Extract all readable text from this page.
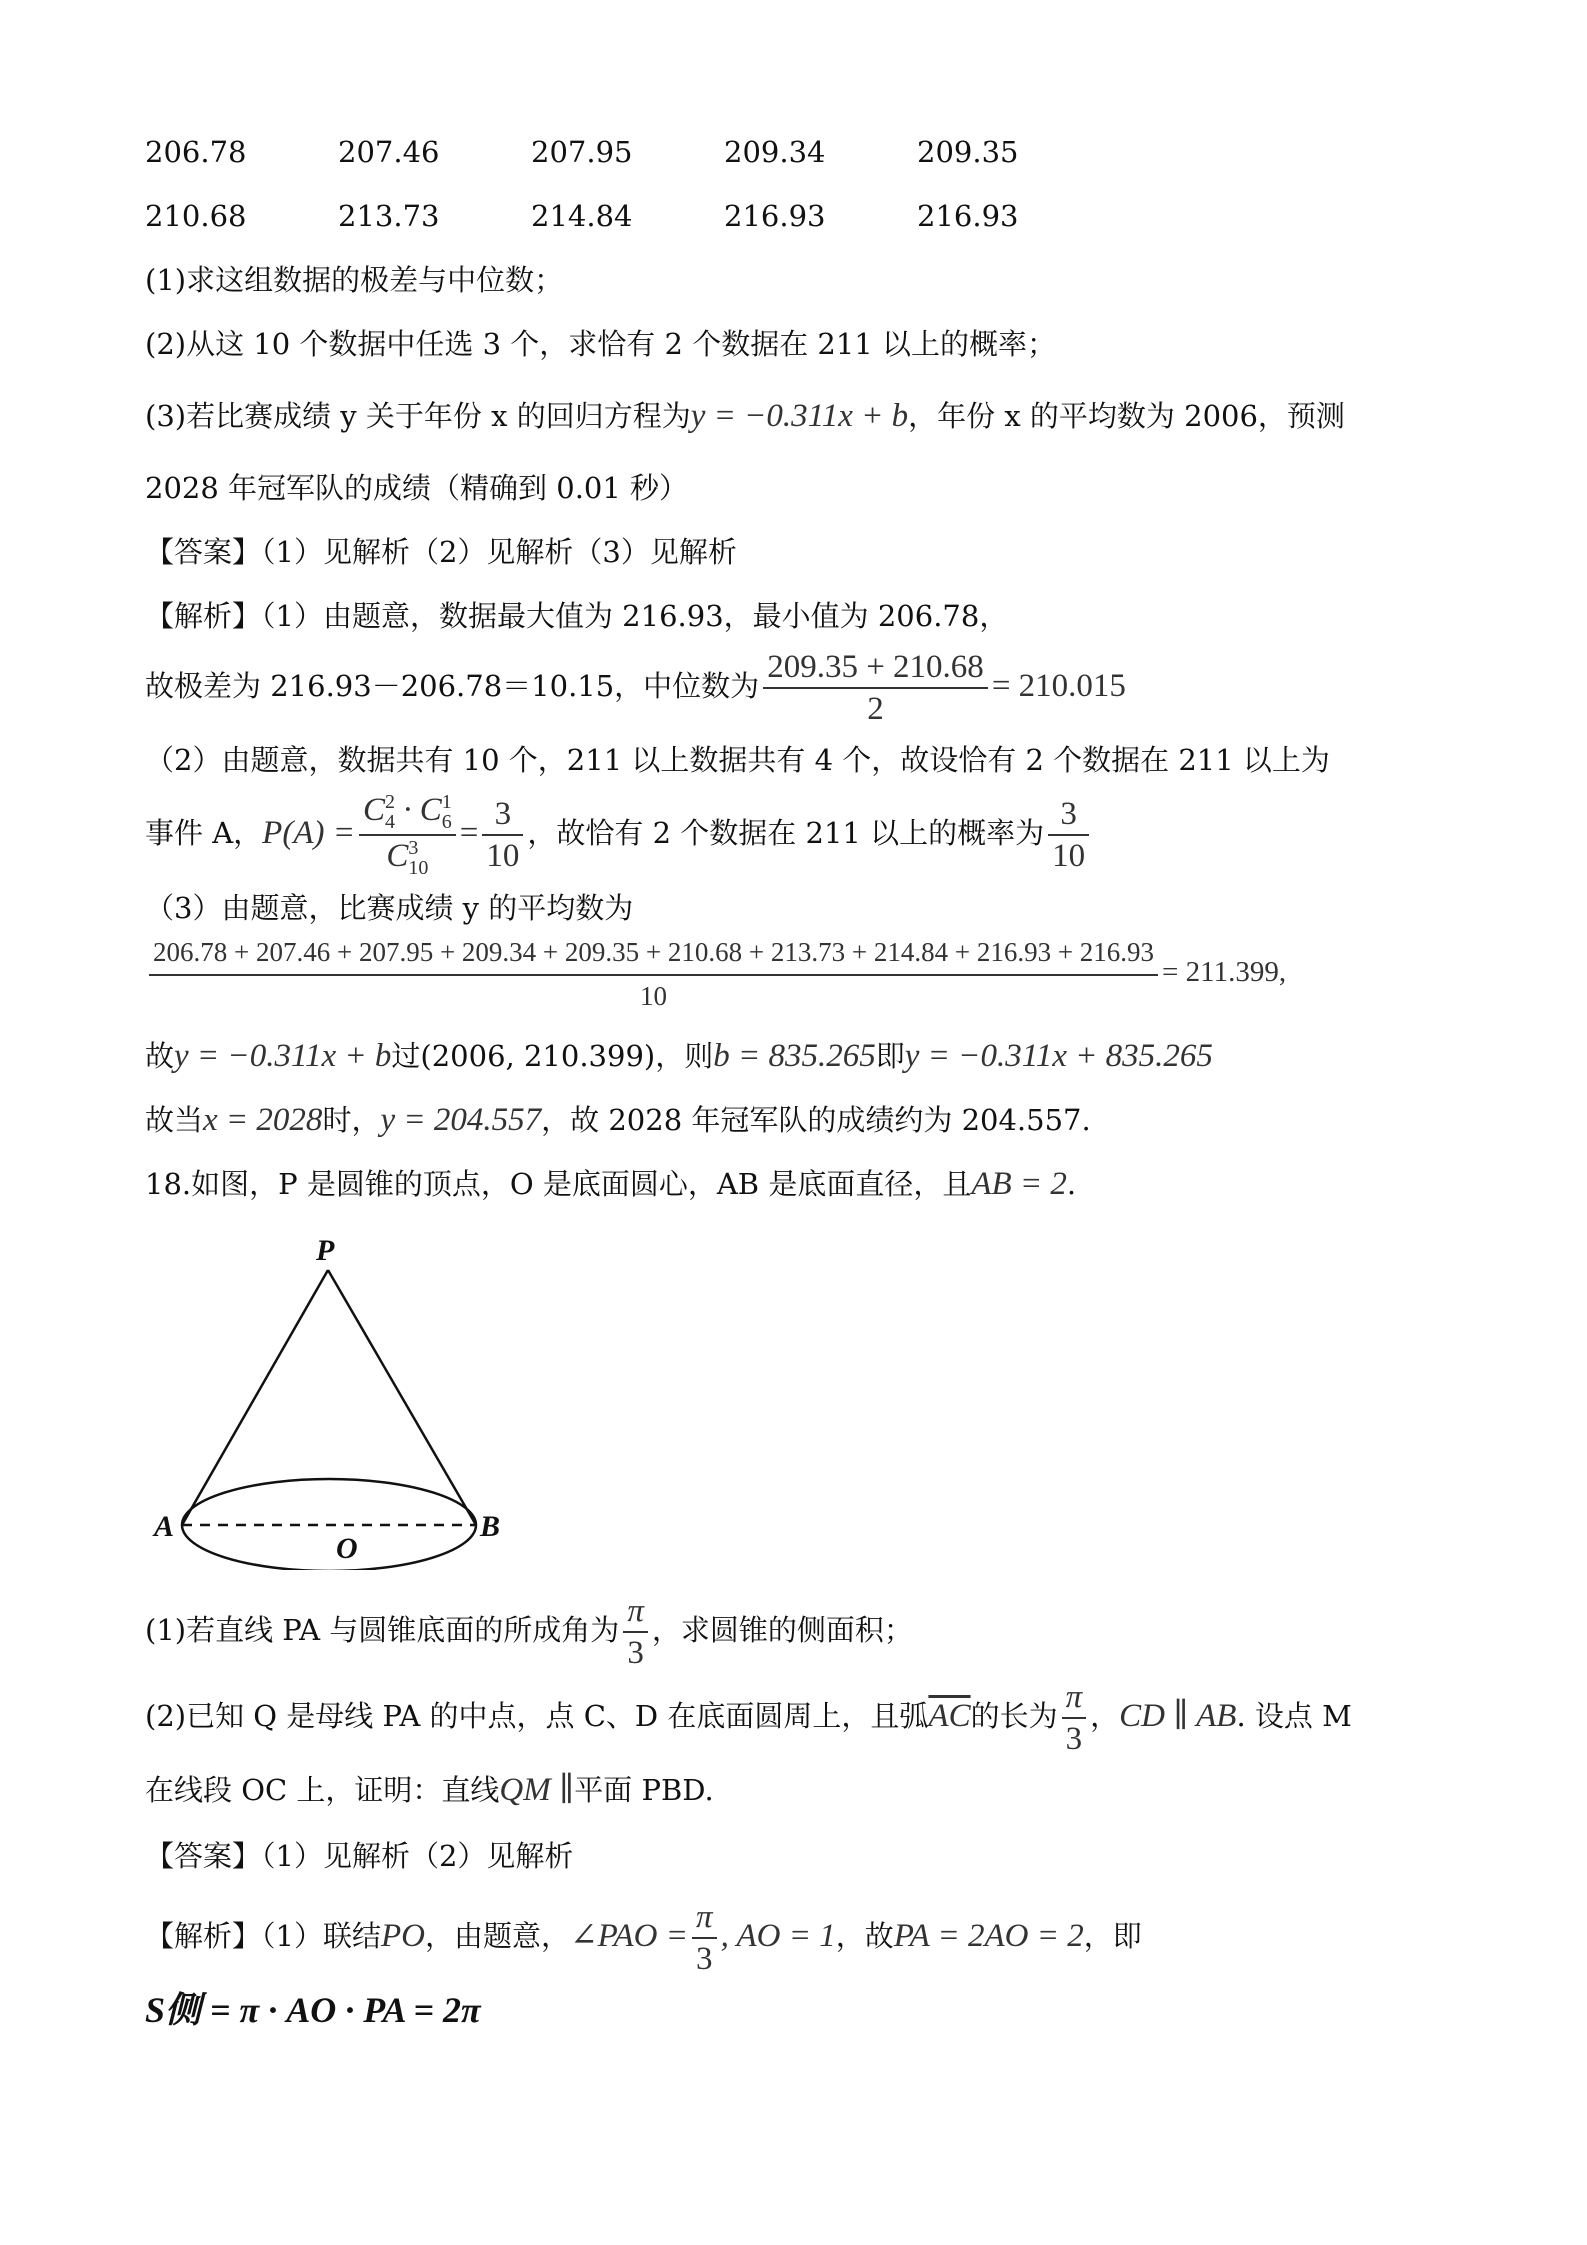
206.78	207.46	207.95	209.34	209.35
210.68	213.73	214.84	216.93	216.93
(1)求这组数据的极差与中位数；
(2)从这 10 个数据中任选 3 个，求恰有 2 个数据在 211 以上的概率；
(3)若比赛成绩 y 关于年份 x 的回归方程为y = −0.311x + b，年份 x 的平均数为 2006，预测
2028 年冠军队的成绩（精确到 0.01 秒）
【答案】（1）见解析（2）见解析（3）见解析
【解析】（1）由题意，数据最大值为 216.93，最小值为 206.78，
故极差为 216.93－206.78＝10.15，中位数为 $\frac{209.35 + 210.68}{2} = 210.015$
（2）由题意，数据共有 10 个，211 以上数据共有 4 个，故设恰有 2 个数据在 211 以上为
事件 A，$P(A) = \frac{C^2_4 \cdot C^1_6}{C^3_{10}} = \frac{3}{10}$ ，故恰有 2 个数据在 211 以上的概率为 $\frac{3}{10}$
（3）由题意，比赛成绩 y 的平均数为
206.78 + 207.46 + 207.95 + 209.34 + 209.35 + 210.68 + 213.73 + 214.84 + 216.93 + 216.93
10
= 211.399,
故y = −0.311x + b过(2006, 210.399)，则b = 835.265即y = −0.311x + 835.265
故当x = 2028时，y = 204.557，故 2028 年冠军队的成绩约为 204.557.
18.如图，P 是圆锥的顶点，O 是底面圆心，AB 是底面直径，且AB = 2.
P
A	B
O
(1)若直线 PA 与圆锥底面的所成角为 $\frac{\pi}{3}$ ，求圆锥的侧面积；
(2)已知 Q 是母线 PA 的中点，点 C、D 在底面圆周上，且弧$\overline{AC}$的长为 $\frac{\pi}{3}$ ，CD ∥ AB. 设点 M
在线段 OC 上，证明：直线QM ∥平面 PBD.
【答案】（1）见解析（2）见解析
【解析】（1）联结PO，由题意，∠PAO = $\frac{\pi}{3}$ , AO = 1，故PA = 2AO = 2，即
S侧 = π · AO · PA = 2π
